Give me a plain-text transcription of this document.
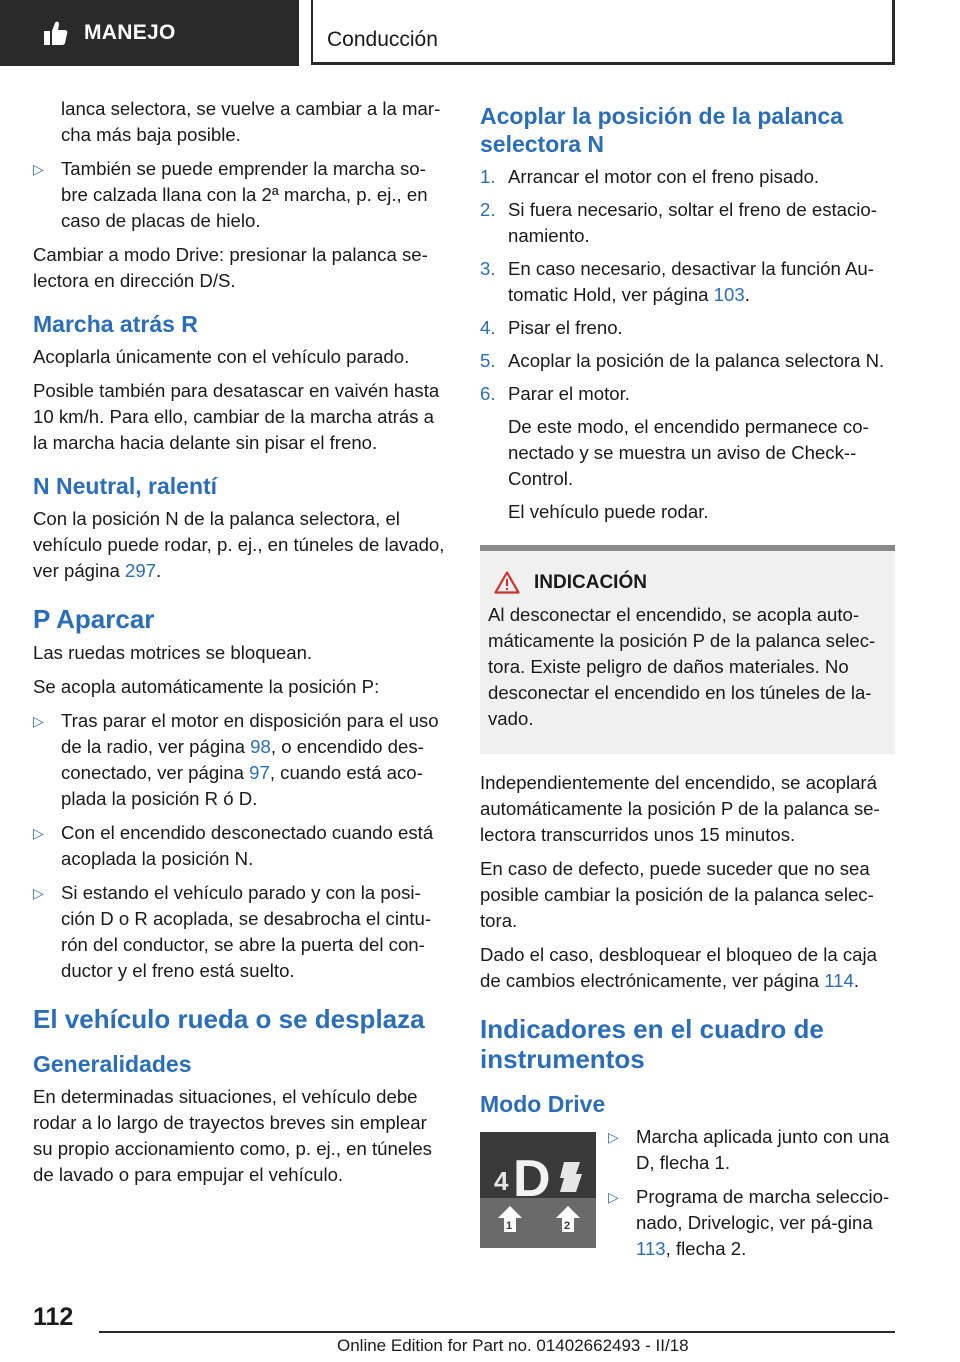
MANEJO	Conducción

lanca selectora, se vuelve a cambiar a la mar-cha más baja posible.

▷ También se puede emprender la marcha so-bre calzada llana con la 2ª marcha, p. ej., en caso de placas de hielo.

Cambiar a modo Drive: presionar la palanca se-lectora en dirección D/S.

Marcha atrás R

Acoplarla únicamente con el vehículo parado.

Posible también para desatascar en vaivén hasta 10 km/h. Para ello, cambiar de la marcha atrás a la marcha hacia delante sin pisar el freno.

N Neutral, ralentí

Con la posición N de la palanca selectora, el vehículo puede rodar, p. ej., en túneles de lavado, ver página 297.

P Aparcar

Las ruedas motrices se bloquean.

Se acopla automáticamente la posición P:

▷ Tras parar el motor en disposición para el uso de la radio, ver página 98, o encendido des-conectado, ver página 97, cuando está aco-plada la posición R ó D.
▷ Con el encendido desconectado cuando está acoplada la posición N.
▷ Si estando el vehículo parado y con la posi-ción D o R acoplada, se desabrocha el cintu-rón del conductor, se abre la puerta del con-ductor y el freno está suelto.
El vehículo rueda o se desplaza
Generalidades

En determinadas situaciones, el vehículo debe rodar a lo largo de trayectos breves sin emplear su propio accionamiento como, p. ej., en túneles de lavado o para empujar el vehículo.

Acoplar la posición de la palanca selectora N
1. Arrancar el motor con el freno pisado.
2. Si fuera necesario, soltar el freno de estacio-namiento.
3. En caso necesario, desactivar la función Au-tomatic Hold, ver página 103.
4. Pisar el freno.
5. Acoplar la posición de la palanca selectora N.
6. Parar el motor.
De este modo, el encendido permanece co-nectado y se muestra un aviso de Check--Control.
El vehículo puede rodar.
INDICACIÓN

Al desconectar el encendido, se acopla auto-máticamente la posición P de la palanca selec-tora. Existe peligro de daños materiales. No desconectar el encendido en los túneles de la-vado.

Independientemente del encendido, se acoplará automáticamente la posición P de la palanca se-lectora transcurridos unos 15 minutos.

En caso de defecto, puede suceder que no sea posible cambiar la posición de la palanca selec-tora.

Dado el caso, desbloquear el bloqueo de la caja de cambios electrónicamente, ver página 114.

Indicadores en el cuadro de instrumentos
Modo Drive
4 D
1	2
▷ Marcha aplicada junto con una D, flecha 1.
▷ Programa de marcha seleccio-nado, Drivelogic, ver pá-gina 113, flecha 2.
112
Online Edition for Part no. 01402662493 - II/18
